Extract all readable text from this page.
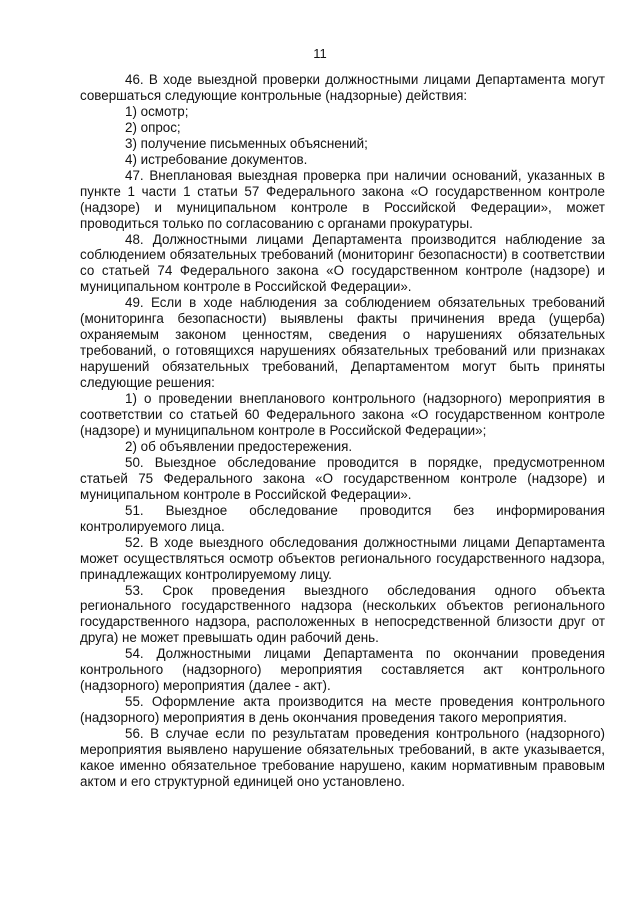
11

46. В ходе выездной проверки должностными лицами Департамента могут совершаться следующие контрольные (надзорные) действия:

1) осмотр;

2) опрос;

3) получение письменных объяснений;

4) истребование документов.

47. Внеплановая выездная проверка при наличии оснований, указанных в пункте 1 части 1 статьи 57 Федерального закона «О государственном контроле (надзоре) и муниципальном контроле в Российской Федерации», может проводиться только по согласованию с органами прокуратуры.

48. Должностными лицами Департамента производится наблюдение за соблюдением обязательных требований (мониторинг безопасности) в соответствии со статьей 74 Федерального закона «О государственном контроле (надзоре) и муниципальном контроле в Российской Федерации».

49. Если в ходе наблюдения за соблюдением обязательных требований (мониторинга безопасности) выявлены факты причинения вреда (ущерба) охраняемым законом ценностям, сведения о нарушениях обязательных требований, о готовящихся нарушениях обязательных требований или признаках нарушений обязательных требований, Департаментом могут быть приняты следующие решения:

1) о проведении внепланового контрольного (надзорного) мероприятия в соответствии со статьей 60 Федерального закона «О государственном контроле (надзоре) и муниципальном контроле в Российской Федерации»;

2) об объявлении предостережения.

50. Выездное обследование проводится в порядке, предусмотренном статьей 75 Федерального закона «О государственном контроле (надзоре) и муниципальном контроле в Российской Федерации».

51. Выездное обследование проводится без информирования контролируемого лица.

52. В ходе выездного обследования должностными лицами Департамента может осуществляться осмотр объектов регионального государственного надзора, принадлежащих контролируемому лицу.

53. Срок проведения выездного обследования одного объекта регионального государственного надзора (нескольких объектов регионального государственного надзора, расположенных в непосредственной близости друг от друга) не может превышать один рабочий день.

54. Должностными лицами Департамента по окончании проведения контрольного (надзорного) мероприятия составляется акт контрольного (надзорного) мероприятия (далее - акт).

55. Оформление акта производится на месте проведения контрольного (надзорного) мероприятия в день окончания проведения такого мероприятия.

56. В случае если по результатам проведения контрольного (надзорного) мероприятия выявлено нарушение обязательных требований, в акте указывается, какое именно обязательное требование нарушено, каким нормативным правовым актом и его структурной единицей оно установлено.
